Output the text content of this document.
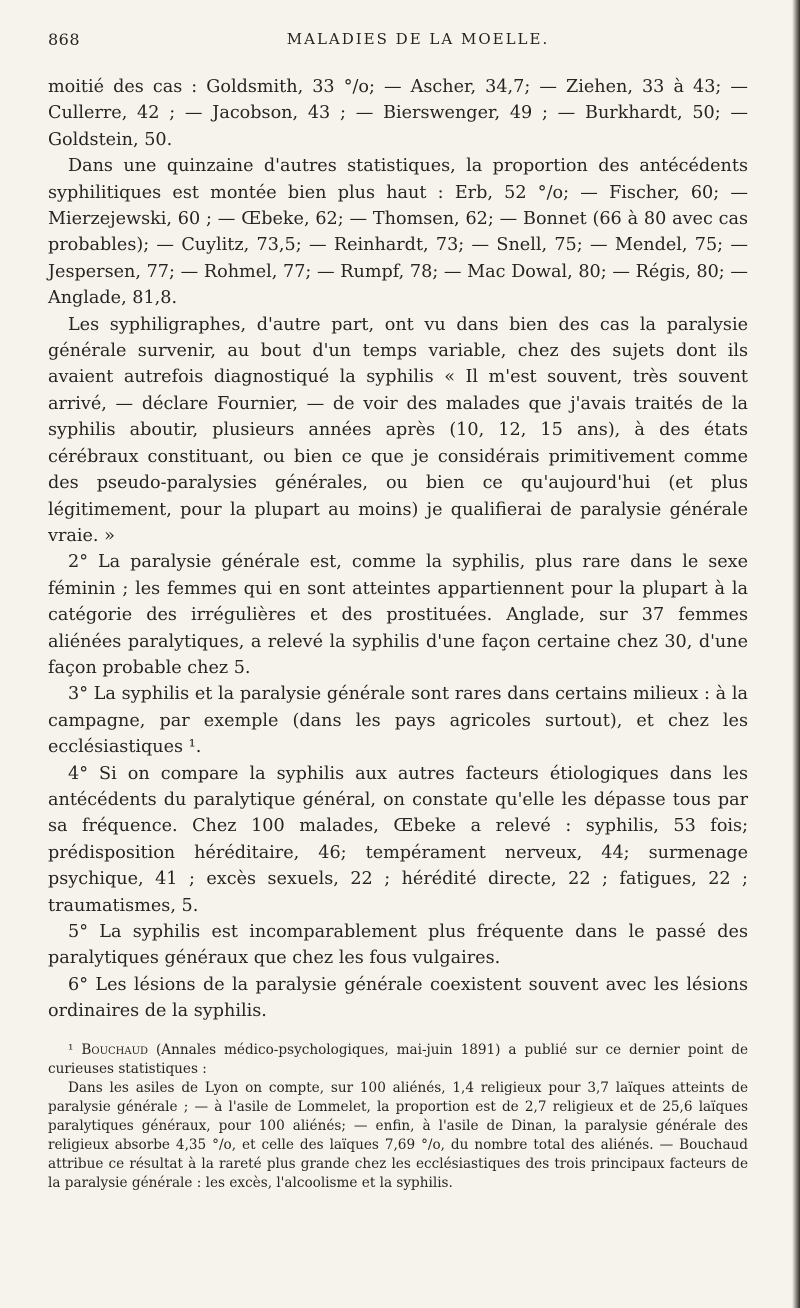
868	MALADIES DE LA MOELLE.

moitié des cas : Goldsmith, 33 °/o; — Ascher, 34,7; — Ziehen, 33 à 43; — Cullerre, 42 ; — Jacobson, 43 ; — Bierswenger, 49 ; — Burkhardt, 50; — Goldstein, 50.

Dans une quinzaine d'autres statistiques, la proportion des antécédents syphilitiques est montée bien plus haut : Erb, 52 °/o; — Fischer, 60; — Mierzejewski, 60 ; — Œbeke, 62; — Thomsen, 62; — Bonnet (66 à 80 avec cas probables); — Cuylitz, 73,5; — Reinhardt, 73; — Snell, 75; — Mendel, 75; — Jespersen, 77; — Rohmel, 77; — Rumpf, 78; — Mac Dowal, 80; — Régis, 80; — Anglade, 81,8.

Les syphiligraphes, d'autre part, ont vu dans bien des cas la paralysie générale survenir, au bout d'un temps variable, chez des sujets dont ils avaient autrefois diagnostiqué la syphilis « Il m'est souvent, très souvent arrivé, — déclare Fournier, — de voir des malades que j'avais traités de la syphilis aboutir, plusieurs années après (10, 12, 15 ans), à des états cérébraux constituant, ou bien ce que je considérais primitivement comme des pseudo-paralysies générales, ou bien ce qu'aujourd'hui (et plus légitimement, pour la plupart au moins) je qualifierai de paralysie générale vraie. »

2° La paralysie générale est, comme la syphilis, plus rare dans le sexe féminin ; les femmes qui en sont atteintes appartiennent pour la plupart à la catégorie des irrégulières et des prostituées. Anglade, sur 37 femmes aliénées paralytiques, a relevé la syphilis d'une façon certaine chez 30, d'une façon probable chez 5.

3° La syphilis et la paralysie générale sont rares dans certains milieux : à la campagne, par exemple (dans les pays agricoles surtout), et chez les ecclésiastiques ¹.

4° Si on compare la syphilis aux autres facteurs étiologiques dans les antécédents du paralytique général, on constate qu'elle les dépasse tous par sa fréquence. Chez 100 malades, Œbeke a relevé : syphilis, 53 fois; prédisposition héréditaire, 46; tempérament nerveux, 44; surmenage psychique, 41 ; excès sexuels, 22 ; hérédité directe, 22 ; fatigues, 22 ; traumatismes, 5.

5° La syphilis est incomparablement plus fréquente dans le passé des paralytiques généraux que chez les fous vulgaires.

6° Les lésions de la paralysie générale coexistent souvent avec les lésions ordinaires de la syphilis.

¹ Bouchaud (Annales médico-psychologiques, mai-juin 1891) a publié sur ce dernier point de curieuses statistiques :

Dans les asiles de Lyon on compte, sur 100 aliénés, 1,4 religieux pour 3,7 laïques atteints de paralysie générale ; — à l'asile de Lommelet, la proportion est de 2,7 religieux et de 25,6 laïques paralytiques généraux, pour 100 aliénés; — enfin, à l'asile de Dinan, la paralysie générale des religieux absorbe 4,35 °/o, et celle des laïques 7,69 °/o, du nombre total des aliénés. — Bouchaud attribue ce résultat à la rareté plus grande chez les ecclésiastiques des trois principaux facteurs de la paralysie générale : les excès, l'alcoolisme et la syphilis.
